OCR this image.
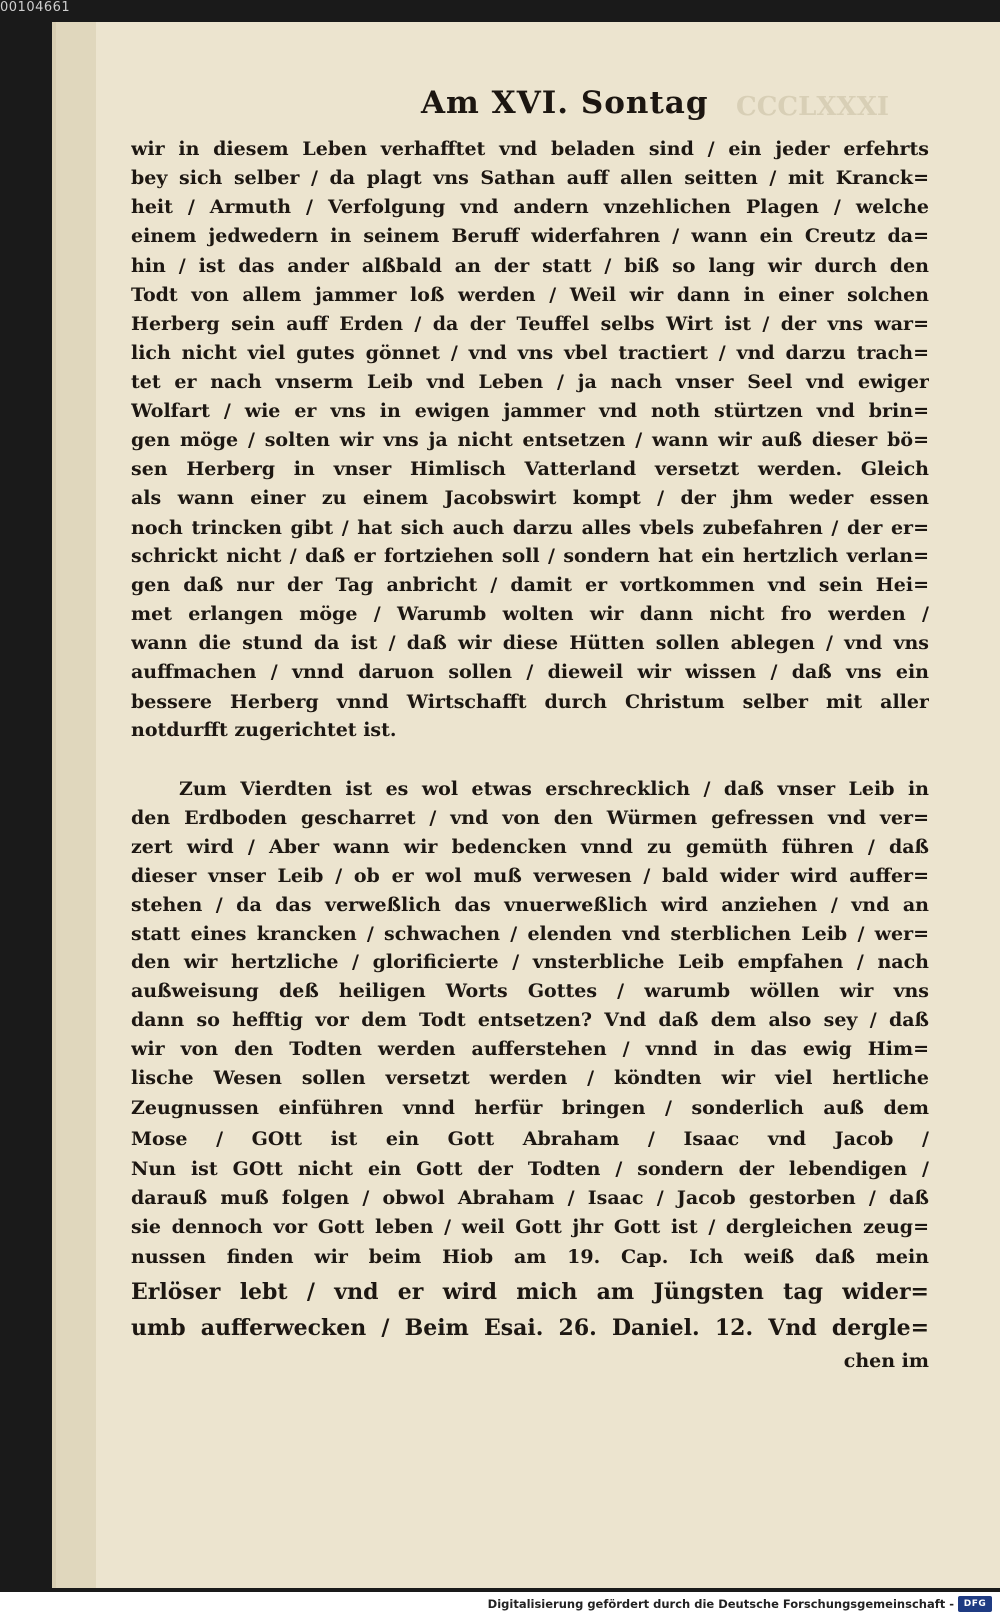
00104661
CCCLXXXI
Am XVI. Sontag
wir in diesem Leben verhafftet vnd beladen sind / ein jeder erfehrts
bey sich selber / da plagt vns Sathan auff allen seitten / mit Kranck=
heit / Armuth / Verfolgung vnd andern vnzehlichen Plagen / welche
einem jedwedern in seinem Beruff widerfahren / wann ein Creutz da=
hin / ist das ander alßbald an der statt / biß so lang wir durch den
Todt von allem jammer loß werden / Weil wir dann in einer solchen
Herberg sein auff Erden / da der Teuffel selbs Wirt ist / der vns war=
lich nicht viel gutes gönnet / vnd vns vbel tractiert / vnd darzu trach=
tet er nach vnserm Leib vnd Leben / ja nach vnser Seel vnd ewiger
Wolfart / wie er vns in ewigen jammer vnd noth stürtzen vnd brin=
gen möge / solten wir vns ja nicht entsetzen / wann wir auß dieser bö=
sen Herberg in vnser Himlisch Vatterland versetzt werden. Gleich
als wann einer zu einem Jacobswirt kompt / der jhm weder essen
noch trincken gibt / hat sich auch darzu alles vbels zubefahren / der er=
schrickt nicht / daß er fortziehen soll / sondern hat ein hertzlich verlan=
gen daß nur der Tag anbricht / damit er vortkommen vnd sein Hei=
met erlangen möge / Warumb wolten wir dann nicht fro werden /
wann die stund da ist / daß wir diese Hütten sollen ablegen / vnd vns
auffmachen / vnnd daruon sollen / dieweil wir wissen / daß vns ein
bessere Herberg vnnd Wirtschafft durch Christum selber mit aller
notdurfft zugerichtet ist.
Zum Vierdten ist es wol etwas erschrecklich / daß vnser Leib in
den Erdboden gescharret / vnd von den Würmen gefressen vnd ver=
zert wird / Aber wann wir bedencken vnnd zu gemüth führen / daß
dieser vnser Leib / ob er wol muß verwesen / bald wider wird auffer=
stehen / da das verweßlich das vnuerweßlich wird anziehen / vnd an
statt eines krancken / schwachen / elenden vnd sterblichen Leib / wer=
den wir hertzliche / glorificierte / vnsterbliche Leib empfahen / nach
außweisung deß heiligen Worts Gottes / warumb wöllen wir vns
dann so hefftig vor dem Todt entsetzen? Vnd daß dem also sey / daß
wir von den Todten werden aufferstehen / vnnd in das ewig Him=
lische Wesen sollen versetzt werden / köndten wir viel hertliche
Zeugnussen einführen vnnd herfür bringen / sonderlich auß dem
Mose / GOtt ist ein Gott Abraham / Isaac vnd Jacob /
Nun ist GOtt nicht ein Gott der Todten / sondern der lebendigen /
darauß muß folgen / obwol Abraham / Isaac / Jacob gestorben / daß
sie dennoch vor Gott leben / weil Gott jhr Gott ist / dergleichen zeug=
nussen finden wir beim Hiob am 19. Cap. Ich weiß daß mein
Erlöser lebt / vnd er wird mich am Jüngsten tag wider=
umb aufferwecken / Beim Esai. 26. Daniel. 12. Vnd dergle=
chen im
Digitalisierung gefördert durch die Deutsche Forschungsgemeinschaft -	DFG
